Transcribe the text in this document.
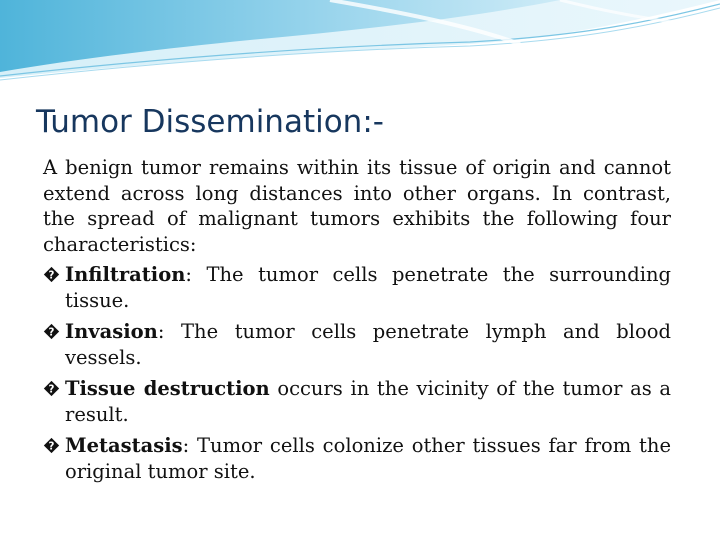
Tumor Dissemination:-

A benign tumor remains within its tissue of origin and cannot extend across long distances into other organs. In contrast, the spread of malignant tumors exhibits the following four characteristics:

? Infiltration: The tumor cells penetrate the surrounding tissue.

? Invasion: The tumor cells penetrate lymph and blood vessels.

? Tissue destruction occurs in the vicinity of the tumor as a result.

? Metastasis: Tumor cells colonize other tissues far from the original tumor site.
